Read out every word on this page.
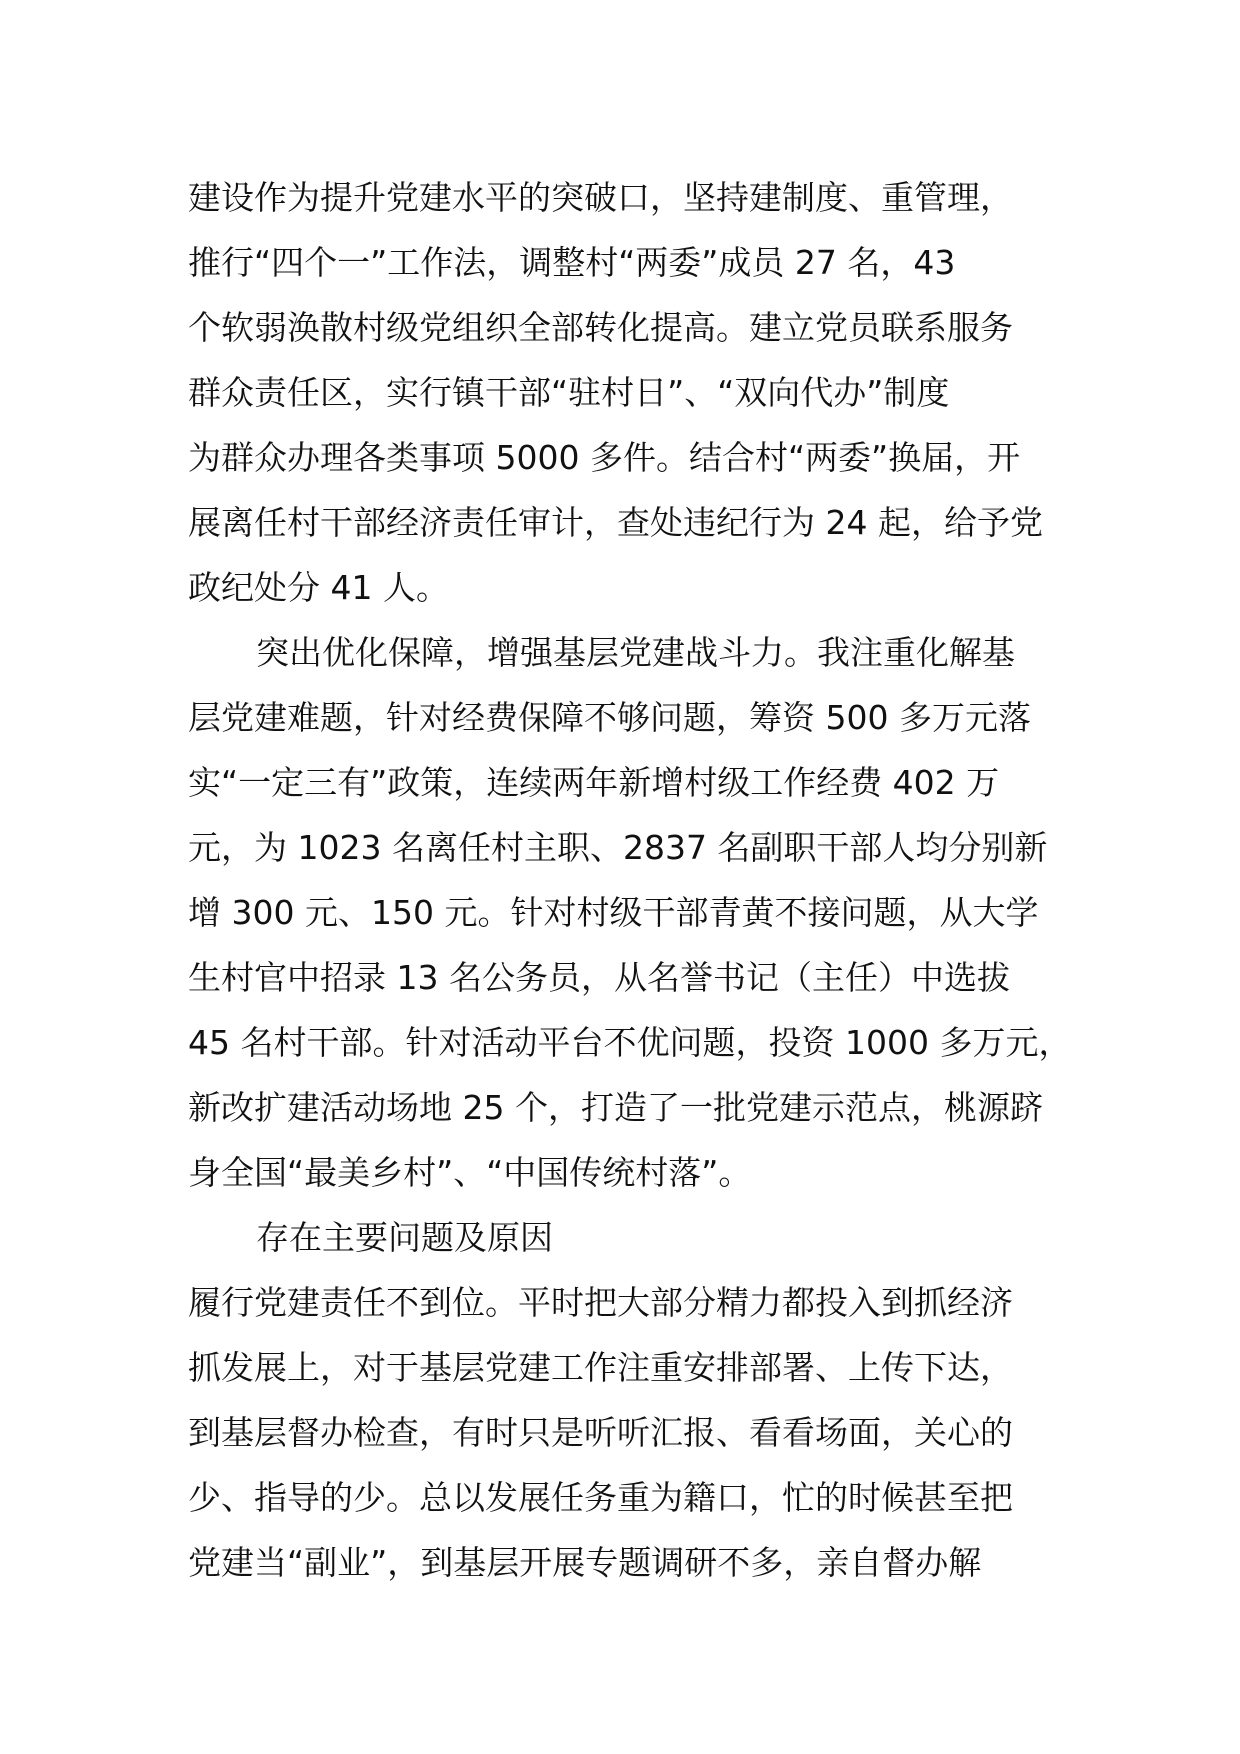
建设作为提升党建水平的突破口，坚持建制度、重管理，
推行“四个一”工作法，调整村“两委”成员 27 名，43
个软弱涣散村级党组织全部转化提高。建立党员联系服务
群众责任区，实行镇干部“驻村日”、“双向代办”制度
为群众办理各类事项 5000 多件。结合村“两委”换届，开
展离任村干部经济责任审计，查处违纪行为 24 起，给予党
政纪处分 41 人。
突出优化保障，增强基层党建战斗力。我注重化解基
层党建难题，针对经费保障不够问题，筹资 500 多万元落
实“一定三有”政策，连续两年新增村级工作经费 402 万
元，为 1023 名离任村主职、2837 名副职干部人均分别新
增 300 元、150 元。针对村级干部青黄不接问题，从大学
生村官中招录 13 名公务员，从名誉书记（主任）中选拔
45 名村干部。针对活动平台不优问题，投资 1000 多万元，
新改扩建活动场地 25 个，打造了一批党建示范点，桃源跻
身全国“最美乡村”、“中国传统村落”。
存在主要问题及原因
履行党建责任不到位。平时把大部分精力都投入到抓经济
抓发展上，对于基层党建工作注重安排部署、上传下达，
到基层督办检查，有时只是听听汇报、看看场面，关心的
少、指导的少。总以发展任务重为籍口，忙的时候甚至把
党建当“副业”，到基层开展专题调研不多，亲自督办解
